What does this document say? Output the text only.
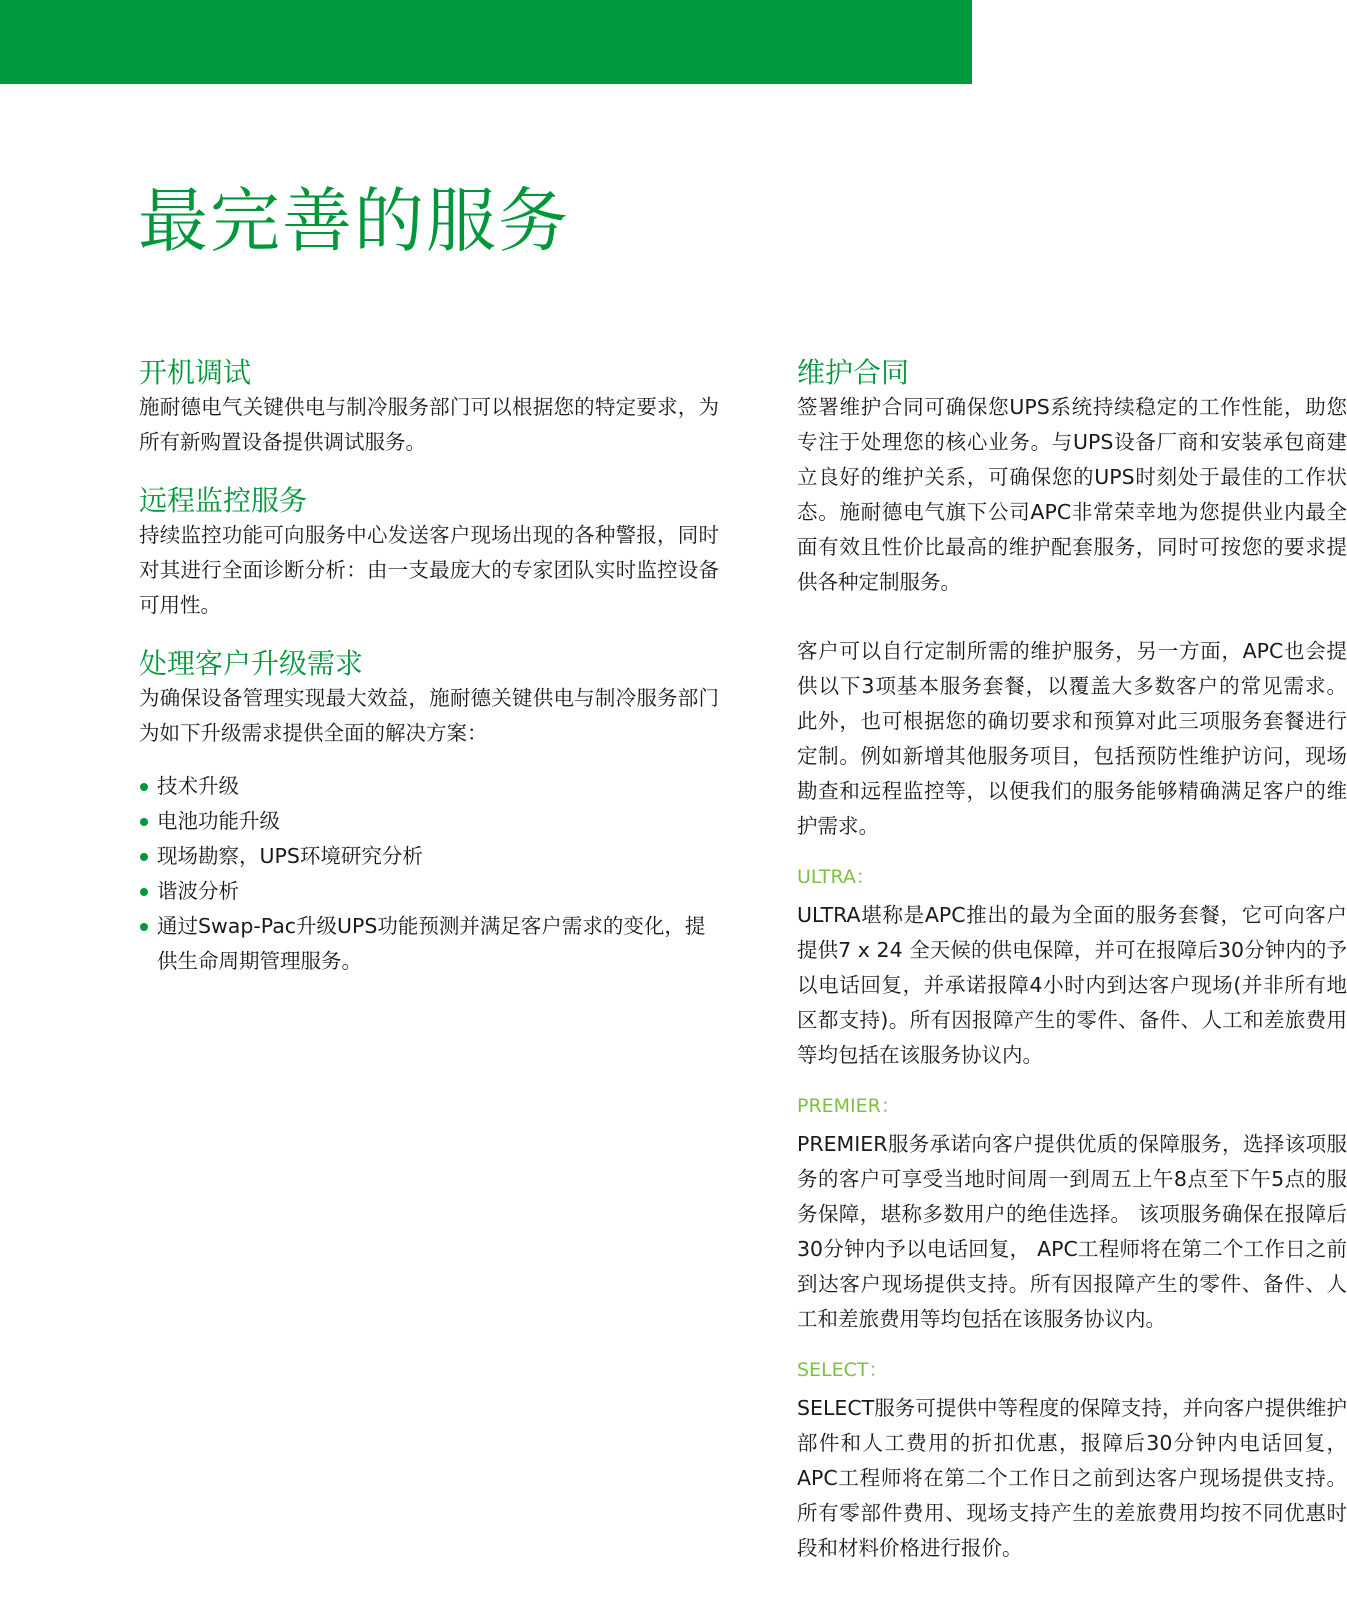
最完善的服务
开机调试

施耐德电气关键供电与制冷服务部门可以根据您的特定要求，为所有新购置设备提供调试服务。

远程监控服务

持续监控功能可向服务中心发送客户现场出现的各种警报，同时对其进行全面诊断分析：由一支最庞大的专家团队实时监控设备可用性。

处理客户升级需求

为确保设备管理实现最大效益，施耐德关键供电与制冷服务部门为如下升级需求提供全面的解决方案：

技术升级
电池功能升级
现场勘察，UPS环境研究分析
谐波分析
通过Swap-Pac升级UPS功能预测并满足客户需求的变化，提供生命周期管理服务。
维护合同

签署维护合同可确保您UPS系统持续稳定的工作性能，助您专注于处理您的核心业务。与UPS设备厂商和安装承包商建立良好的维护关系，可确保您的UPS时刻处于最佳的工作状态。施耐德电气旗下公司APC非常荣幸地为您提供业内最全面有效且性价比最高的维护配套服务，同时可按您的要求提供各种定制服务。

客户可以自行定制所需的维护服务，另一方面，APC也会提供以下3项基本服务套餐，以覆盖大多数客户的常见需求。 此外，也可根据您的确切要求和预算对此三项服务套餐进行定制。例如新增其他服务项目，包括预防性维护访问，现场勘查和远程监控等，以便我们的服务能够精确满足客户的维护需求。

ULTRA：

ULTRA堪称是APC推出的最为全面的服务套餐，它可向客户提供7 x 24 全天候的供电保障，并可在报障后30分钟内的予以电话回复，并承诺报障4小时内到达客户现场(并非所有地区都支持)。所有因报障产生的零件、备件、人工和差旅费用等均包括在该服务协议内。

PREMIER：

PREMIER服务承诺向客户提供优质的保障服务，选择该项服务的客户可享受当地时间周一到周五上午8点至下午5点的服务保障，堪称多数用户的绝佳选择。 该项服务确保在报障后30分钟内予以电话回复， APC工程师将在第二个工作日之前到达客户现场提供支持。所有因报障产生的零件、备件、人工和差旅费用等均包括在该服务协议内。

SELECT：

SELECT服务可提供中等程度的保障支持，并向客户提供维护部件和人工费用的折扣优惠，报障后30分钟内电话回复，APC工程师将在第二个工作日之前到达客户现场提供支持。所有零部件费用、现场支持产生的差旅费用均按不同优惠时段和材料价格进行报价。
